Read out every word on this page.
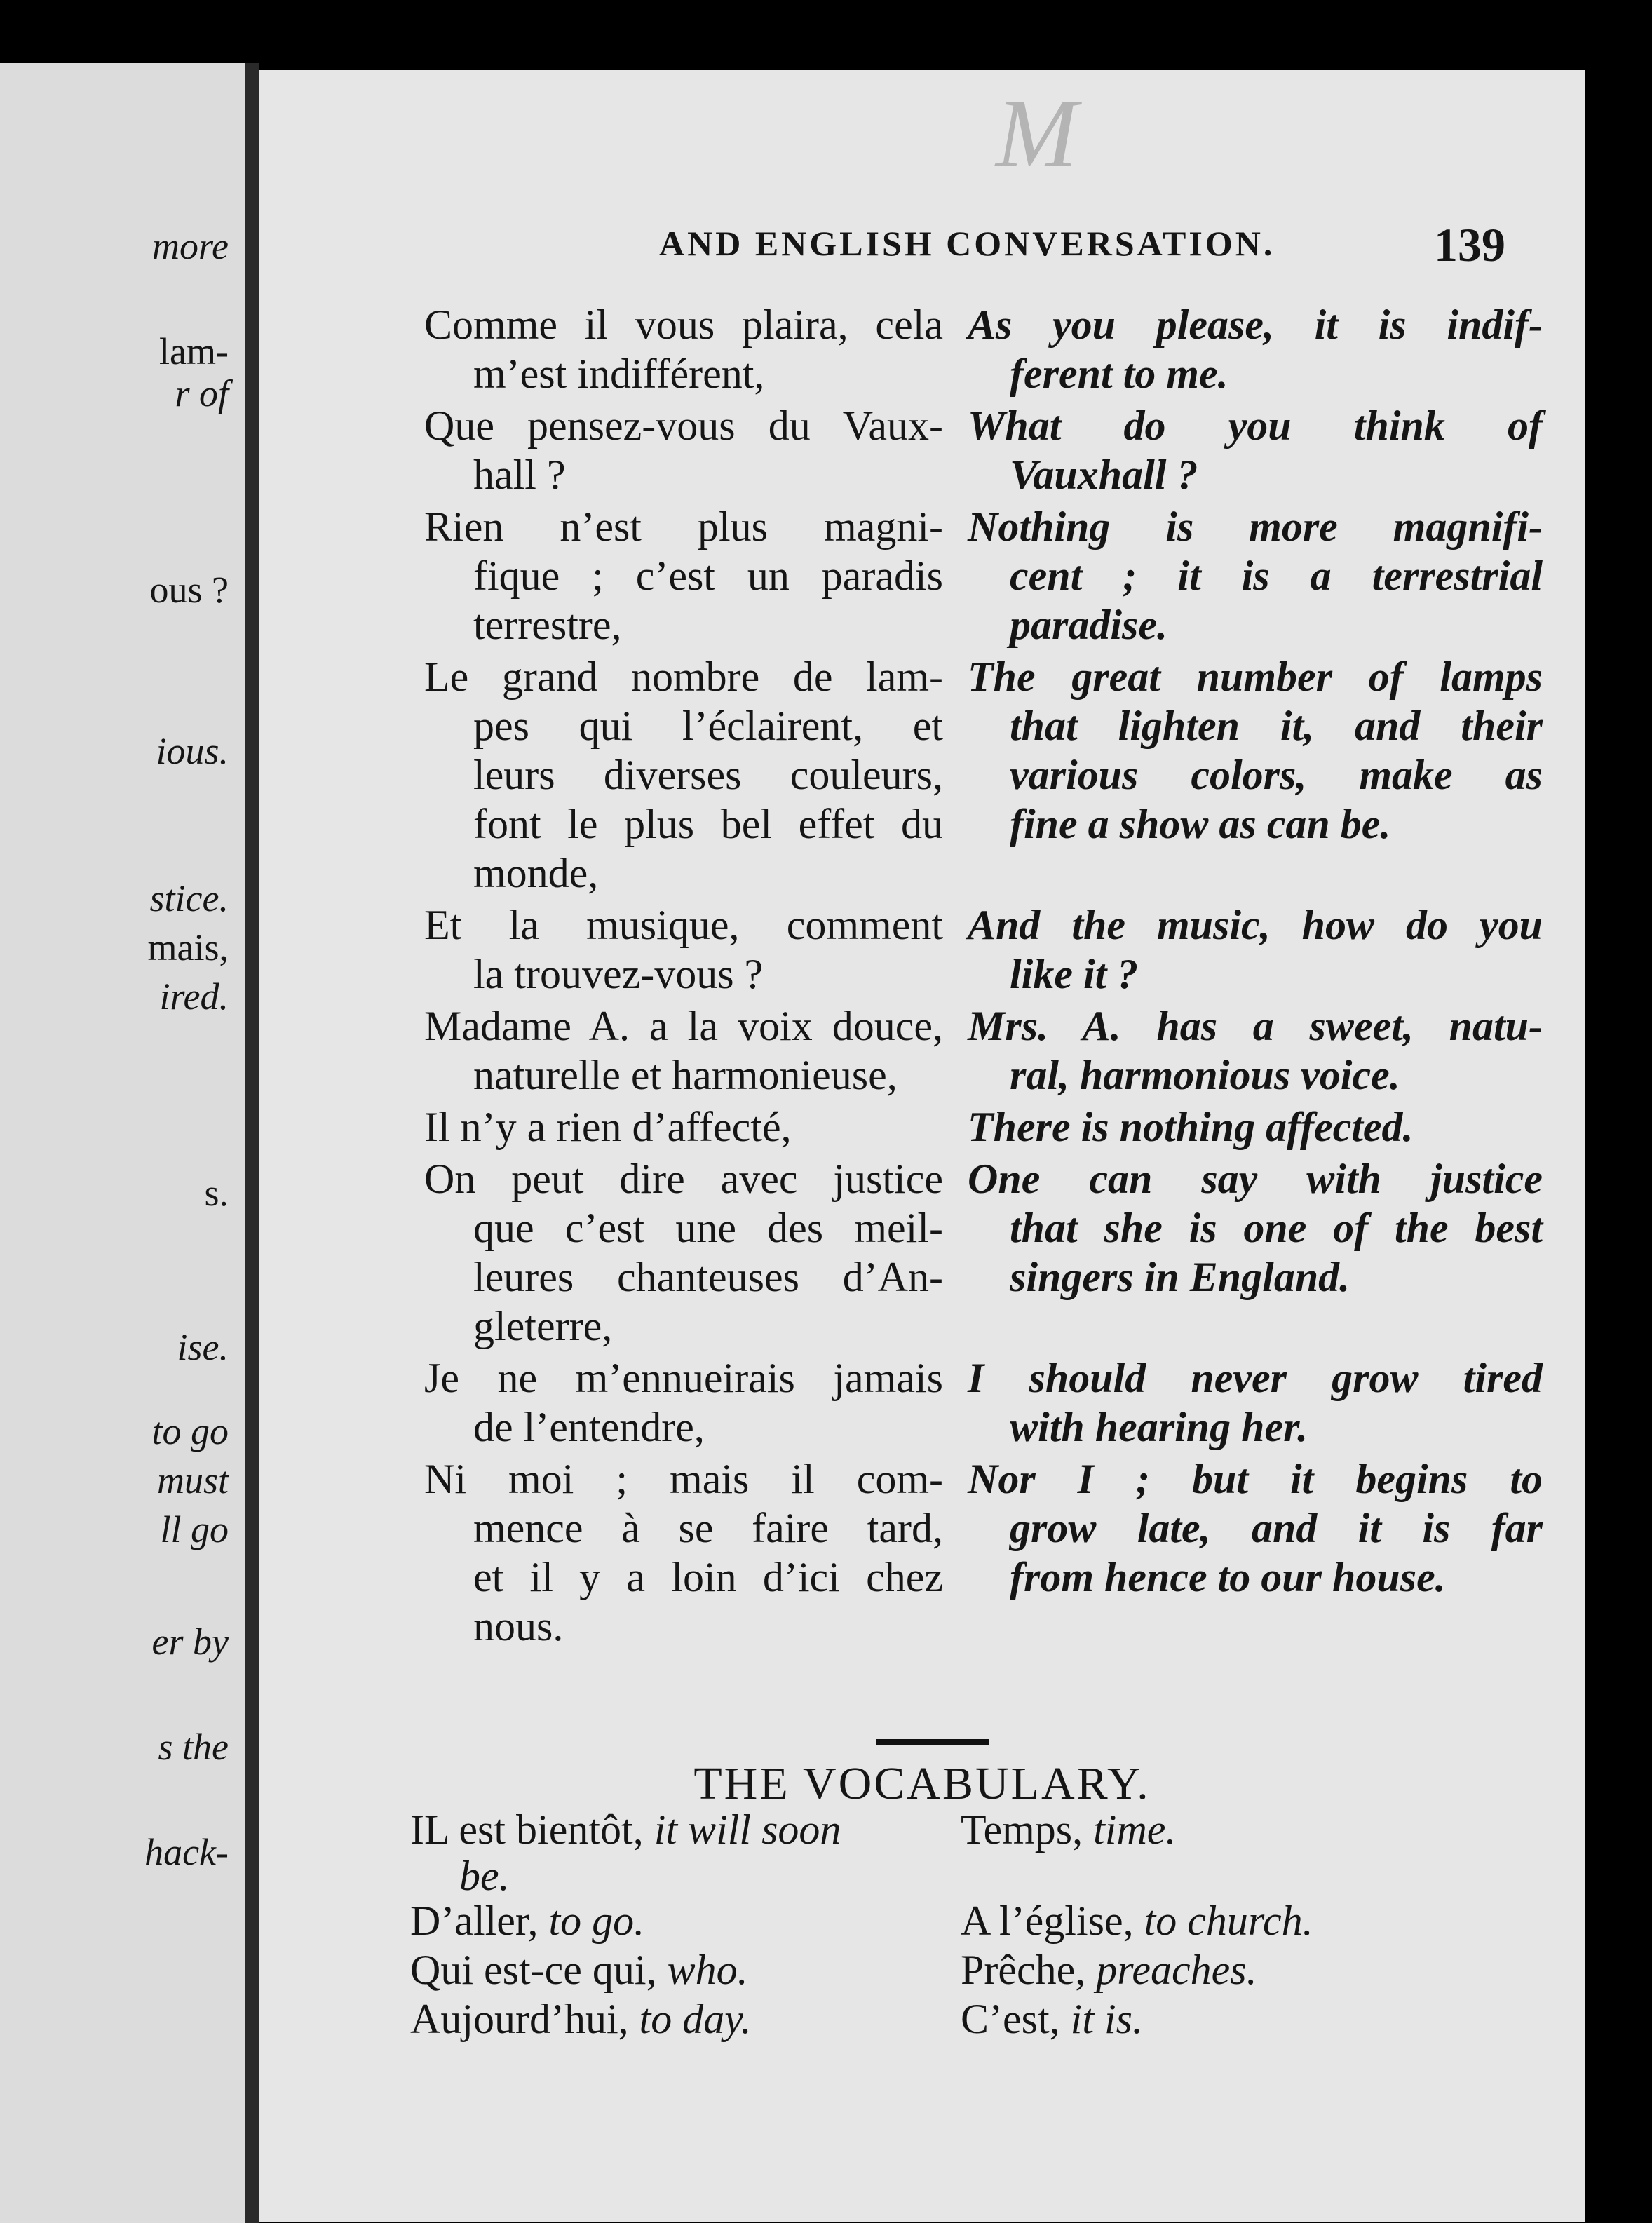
more
lam-
r of
ous ?
ious.
stice.
mais,
ired.
s.
ise.
to go
must
ll go
er by
s the
hack-
M
AND ENGLISH CONVERSATION.	139
Comme il vous plaira, cela
m’est indifférent,
As you please, it is indif-
ferent to me.
Que pensez-vous du Vaux-
hall ?
What do you think of
Vauxhall ?
Rien n’est plus magni-
fique ; c’est un paradis
terrestre,
Nothing is more magnifi-
cent ; it is a terrestrial
paradise.
Le grand nombre de lam-
pes qui l’éclairent, et
leurs diverses couleurs,
font le plus bel effet du
monde,
The great number of lamps
that lighten it, and their
various colors, make as
fine a show as can be.
Et la musique, comment
la trouvez-vous ?
And the music, how do you
like it ?
Madame A. a la voix douce,
naturelle et harmonieuse,
Mrs. A. has a sweet, natu-
ral, harmonious voice.
Il n’y a rien d’affecté,	There is nothing affected.
On peut dire avec justice
que c’est une des meil-
leures chanteuses d’An-
gleterre,
One can say with justice
that she is one of the best
singers in England.
Je ne m’ennueirais jamais
de l’entendre,
I should never grow tired
with hearing her.
Ni moi ; mais il com-
mence à se faire tard,
et il y a loin d’ici chez
nous.
Nor I ; but it begins to
grow late, and it is far
from hence to our house.
THE VOCABULARY.
IL est bientôt, it will soon
be.
D’aller, to go.
Qui est-ce qui, who.
Aujourd’hui, to day.
Temps, time.
A l’église, to church.
Prêche, preaches.
C’est, it is.
